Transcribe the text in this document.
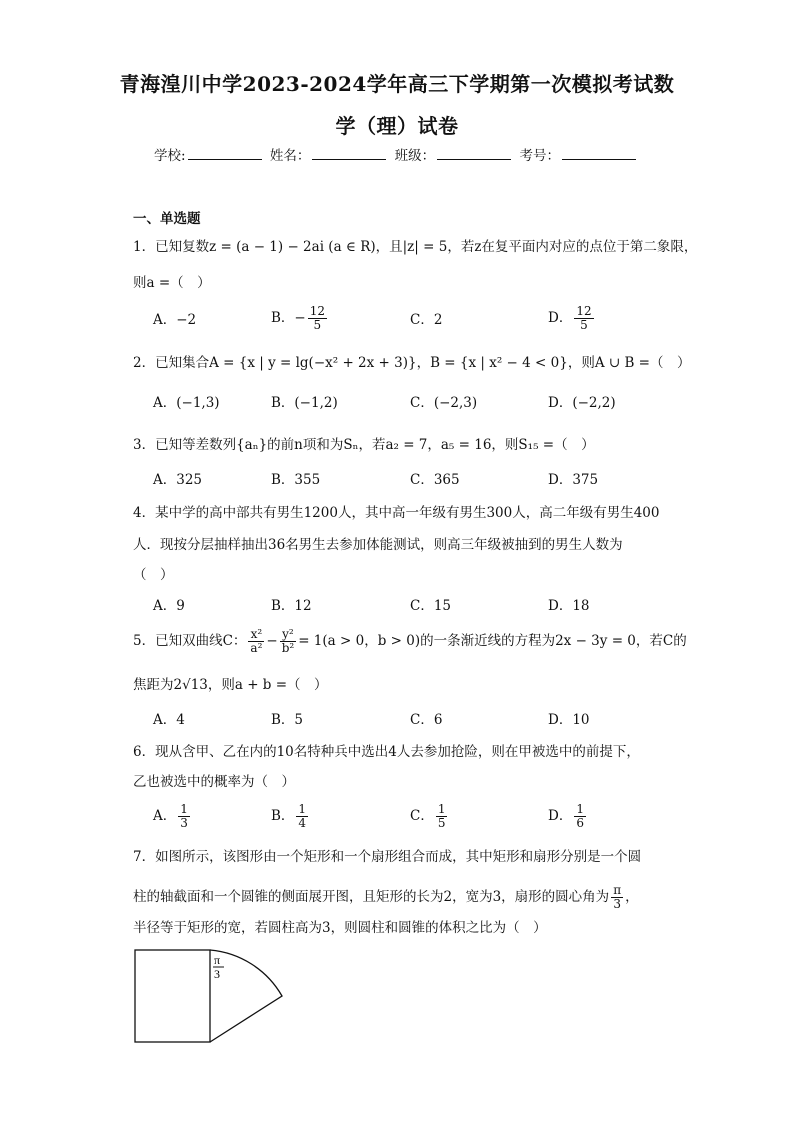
青海湟川中学2023-2024学年高三下学期第一次模拟考试数
学（理）试卷
学校:	姓名：	班级：	考号：
一、单选题
1．已知复数z = (a − 1) − 2ai (a ∈ R)，且|z| = 5，若z在复平面内对应的点位于第二象限，
则a =（　）
A．−2	B．− $\frac{12}{5}$	C．2	D． $\frac{12}{5}$
2．已知集合A = {x | y = lg(−x² + 2x + 3)}，B = {x | x² − 4 < 0}，则A ∪ B =（　）
A．(−1,3)	B．(−1,2)	C．(−2,3)	D．(−2,2)
3．已知等差数列{aₙ}的前n项和为Sₙ，若a₂ = 7，a₅ = 16，则S₁₅ =（　）
A．325	B．355	C．365	D．375
4．某中学的高中部共有男生1200人，其中高一年级有男生300人，高二年级有男生400
人．现按分层抽样抽出36名男生去参加体能测试，则高三年级被抽到的男生人数为
（　）
A．9	B．12	C．15	D．18
5．已知双曲线C： $\frac{\text{x²}}{\text{a²}} - \frac{\text{y²}}{\text{b²}} = 1(a > 0$，b > 0)的一条渐近线的方程为2x − 3y = 0，若C的
焦距为2√13，则a + b =（　）
A．4	B．5	C．6	D．10
6．现从含甲、乙在内的10名特种兵中选出4人去参加抢险，则在甲被选中的前提下，
乙也被选中的概率为（　）
A． $\frac{1}{3}$	B． $\frac{1}{4}$	C． $\frac{1}{5}$	D． $\frac{1}{6}$
7．如图所示，该图形由一个矩形和一个扇形组合而成，其中矩形和扇形分别是一个圆
柱的轴截面和一个圆锥的侧面展开图，且矩形的长为2，宽为3，扇形的圆心角为 $\frac{\pi}{3}$ ，
半径等于矩形的宽，若圆柱高为3，则圆柱和圆锥的体积之比为（　）
π
3
